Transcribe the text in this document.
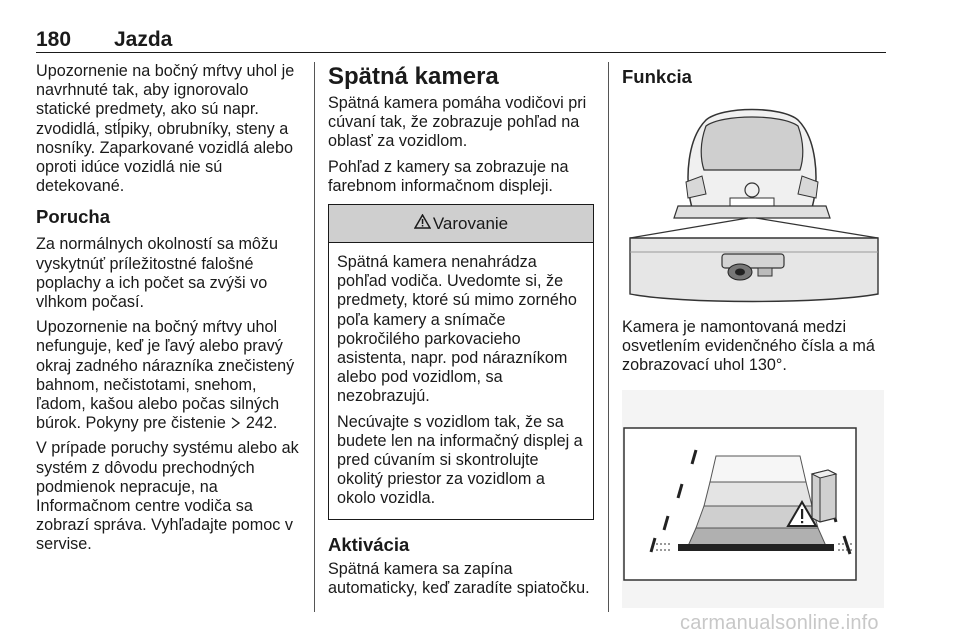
180 Jazda

Upozornenie na bočný mŕtvy uhol je navrhnuté tak, aby ignorovalo statické predmety, ako sú napr. zvodidlá, stĺpiky, obrubníky, steny a nosníky. Zaparkované vozidlá alebo oproti idúce vozidlá nie sú detekované.

Porucha

Za normálnych okolností sa môžu vyskytnúť príležitostné falošné poplachy a ich počet sa zvýši vo vlhkom počasí.

Upozornenie na bočný mŕtvy uhol nefunguje, keď je ľavý alebo pravý okraj zadného nárazníka znečistený bahnom, nečistotami, snehom, ľadom, kašou alebo počas silných búrok. Pokyny pre čistenie  242.

V prípade poruchy systému alebo ak systém z dôvodu prechodných podmienok nepracuje, na Informačnom centre vodiča sa zobrazí správa. Vyhľadajte pomoc v servise.

Spätná kamera

Spätná kamera pomáha vodičovi pri cúvaní tak, že zobrazuje pohľad na oblasť za vozidlom.

Pohľad z kamery sa zobrazuje na farebnom informačnom displeji.

Varovanie

Spätná kamera nenahrádza pohľad vodiča. Uvedomte si, že predmety, ktoré sú mimo zorného poľa kamery a snímače pokročilého parkovacieho asistenta, napr. pod nárazníkom alebo pod vozidlom, sa nezobrazujú.

Necúvajte s vozidlom tak, že sa budete len na informačný displej a pred cúvaním si skontrolujte okolitý priestor za vozidlom a okolo vozidla.

Aktivácia

Spätná kamera sa zapína automaticky, keď zaradíte spiatočku.

Funkcia

Kamera je namontovaná medzi osvetlením evidenčného čísla a má zobrazovací uhol 130°.

carmanualsonline.info
